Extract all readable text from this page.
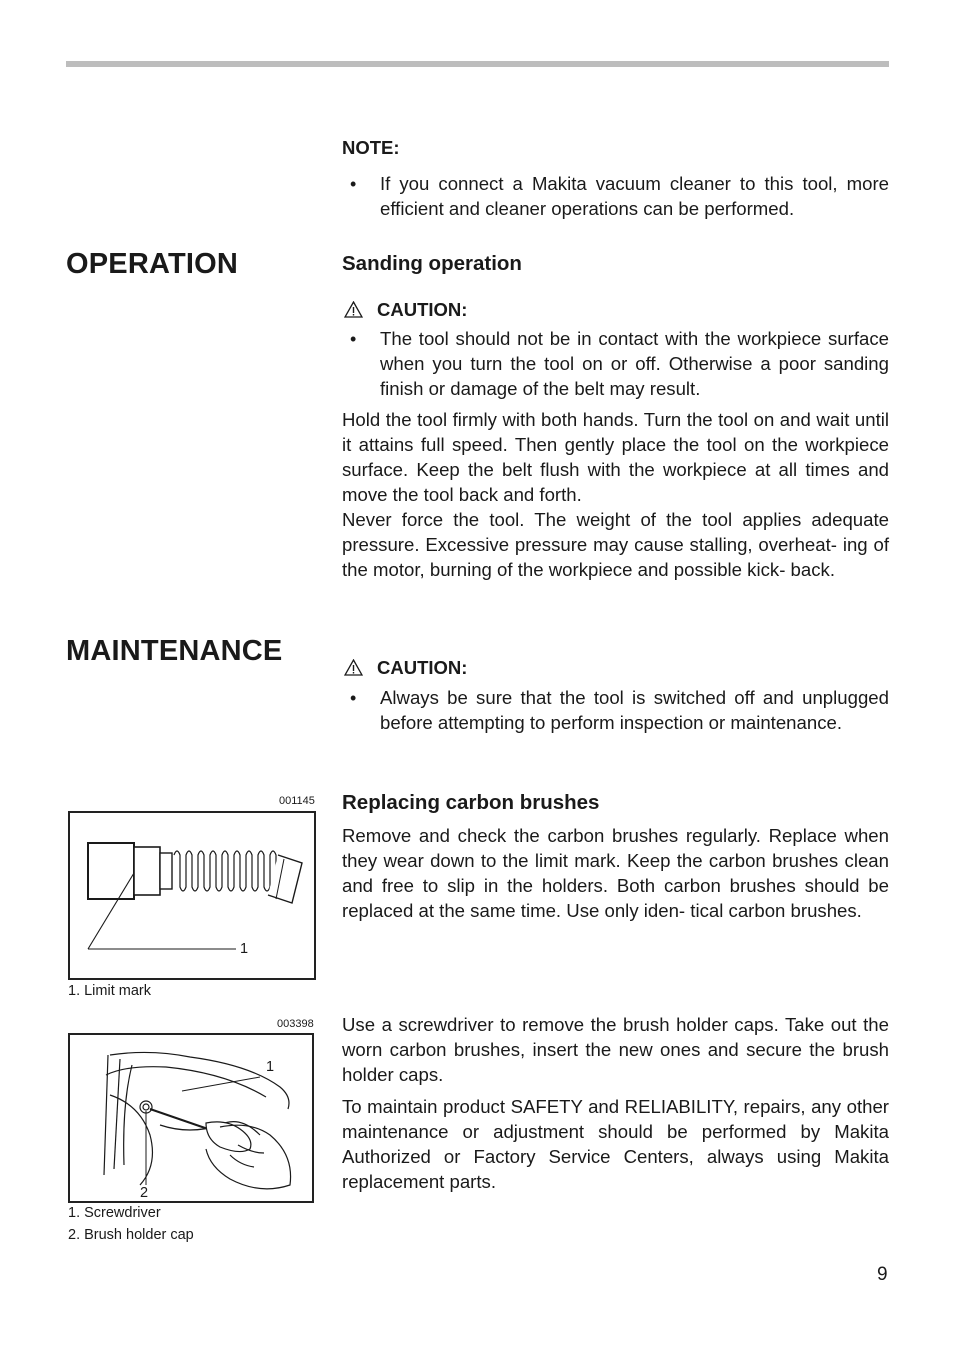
NOTE:
• If you connect a Makita vacuum cleaner to this tool, more efficient and cleaner operations can be performed.
OPERATION	Sanding operation
CAUTION:
• The tool should not be in contact with the workpiece surface when you turn the tool on or off. Otherwise a poor sanding finish or damage of the belt may result.
Hold the tool firmly with both hands. Turn the tool on and wait until it attains full speed. Then gently place the tool on the workpiece surface. Keep the belt flush with the workpiece at all times and move the tool back and forth.
Never force the tool. The weight of the tool applies adequate pressure. Excessive pressure may cause stalling, overheat- ing of the motor, burning of the workpiece and possible kick- back.
MAINTENANCE
CAUTION:
• Always be sure that the tool is switched off and unplugged before attempting to perform inspection or maintenance.
Replacing carbon brushes
Remove and check the carbon brushes regularly. Replace when they wear down to the limit mark. Keep the carbon brushes clean and free to slip in the holders. Both carbon brushes should be replaced at the same time. Use only iden- tical carbon brushes.
Use a screwdriver to remove the brush holder caps. Take out the worn carbon brushes, insert the new ones and secure the brush holder caps.
To maintain product SAFETY and RELIABILITY, repairs, any other maintenance or adjustment should be performed by Makita Authorized or Factory Service Centers, always using Makita replacement parts.
001145
1
1. Limit mark
003398
1
2
1. Screwdriver
2. Brush holder cap
9
